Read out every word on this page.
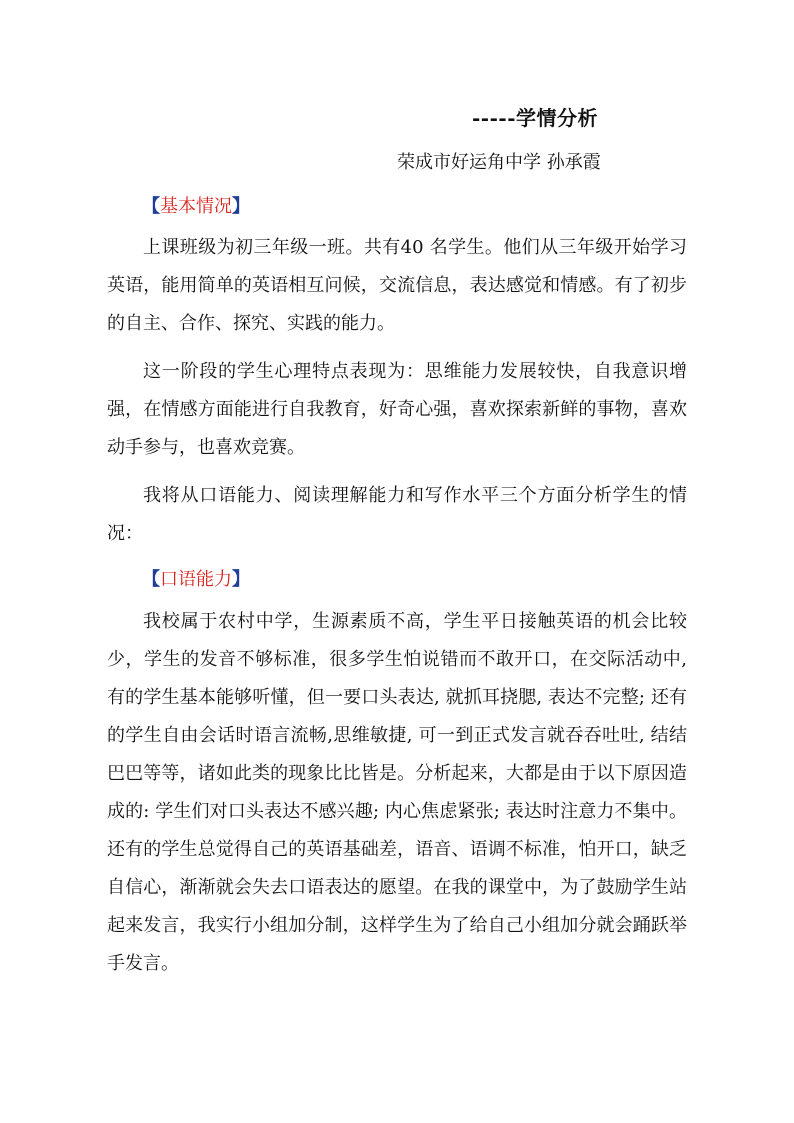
-----学情分析
荣成市好运角中学 孙承霞
【基本情况】

上课班级为初三年级一班。共有40 名学生。他们从三年级开始学习英语，能用简单的英语相互问候，交流信息，表达感觉和情感。有了初步的自主、合作、探究、实践的能力。

这一阶段的学生心理特点表现为：思维能力发展较快，自我意识增强，在情感方面能进行自我教育，好奇心强，喜欢探索新鲜的事物，喜欢动手参与，也喜欢竞赛。

我将从口语能力、阅读理解能力和写作水平三个方面分析学生的情况：

【口语能力】

我校属于农村中学，生源素质不高，学生平日接触英语的机会比较少，学生的发音不够标准，很多学生怕说错而不敢开口，在交际活动中, 有的学生基本能够听懂，但一要口头表达, 就抓耳挠腮, 表达不完整; 还有的学生自由会话时语言流畅,思维敏捷, 可一到正式发言就吞吞吐吐, 结结巴巴等等，诸如此类的现象比比皆是。分析起来，大都是由于以下原因造成的: 学生们对口头表达不感兴趣; 内心焦虑紧张; 表达时注意力不集中。还有的学生总觉得自己的英语基础差，语音、语调不标准，怕开口，缺乏自信心，渐渐就会失去口语表达的愿望。在我的课堂中，为了鼓励学生站起来发言，我实行小组加分制，这样学生为了给自己小组加分就会踊跃举手发言。
